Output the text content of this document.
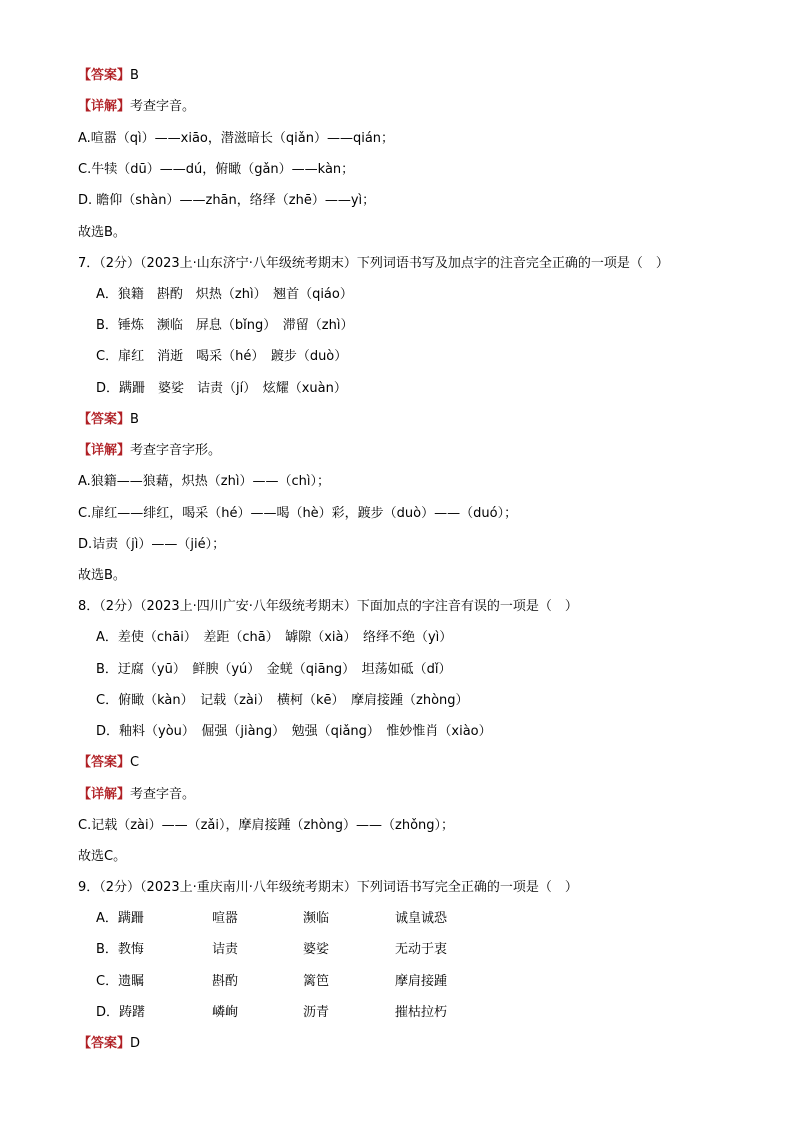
【答案】B
【详解】考查字音。
A.喧嚣（qì）——xiāo，潜滋暗长（qiǎn）——qián；
C.牛犊（dū）——dú，俯瞰（gǎn）——kàn；
D. 瞻仰（shàn）——zhān，络绎（zhē）——yì；
故选B。
7．（2分）（2023上·山东济宁·八年级统考期末）下列词语书写及加点字的注音完全正确的一项是（　）
A．狼籍　斟酌　炽热（zhì）　翘首（qiáo）
B．锤炼　濒临　屏息（bǐng）　滞留（zhì）
C．扉红　消逝　喝采（hé）　踱步（duò）
D．蹒跚　婆娑　诘责（jí）　炫耀（xuàn）
【答案】B
【详解】考查字音字形。
A.狼籍——狼藉，炽热（zhì）——（chì）；
C.扉红——绯红，喝采（hé）——喝（hè）彩，踱步（duò）——（duó）；
D.诘责（jì）——（jié）；
故选B。
8．（2分）（2023上·四川广安·八年级统考期末）下面加点的字注音有误的一项是（　）
A．差使（chāi）　差距（chā）　罅隙（xià）　络绎不绝（yì）
B．迂腐（yū）　鲜腴（yú）　金蜣（qiāng）　坦荡如砥（dǐ）
C．俯瞰（kàn）　记载（zài）　横柯（kē）　摩肩接踵（zhòng）
D．釉料（yòu）　倔强（jiàng）　勉强（qiǎng）　惟妙惟肖（xiào）
【答案】C
【详解】考查字音。
C.记载（zài）——（zǎi），摩肩接踵（zhòng）——（zhǒng）；
故选C。
9．（2分）（2023上·重庆南川·八年级统考期末）下列词语书写完全正确的一项是（　）
A．蹒跚	喧嚣	濒临	诚皇诚恐
B．教悔	诘责	婆娑	无动于衷
C．遗瞩	斟酌	篱笆	摩肩接踵
D．踌躇	嶙峋	沥青	摧枯拉朽
【答案】D
